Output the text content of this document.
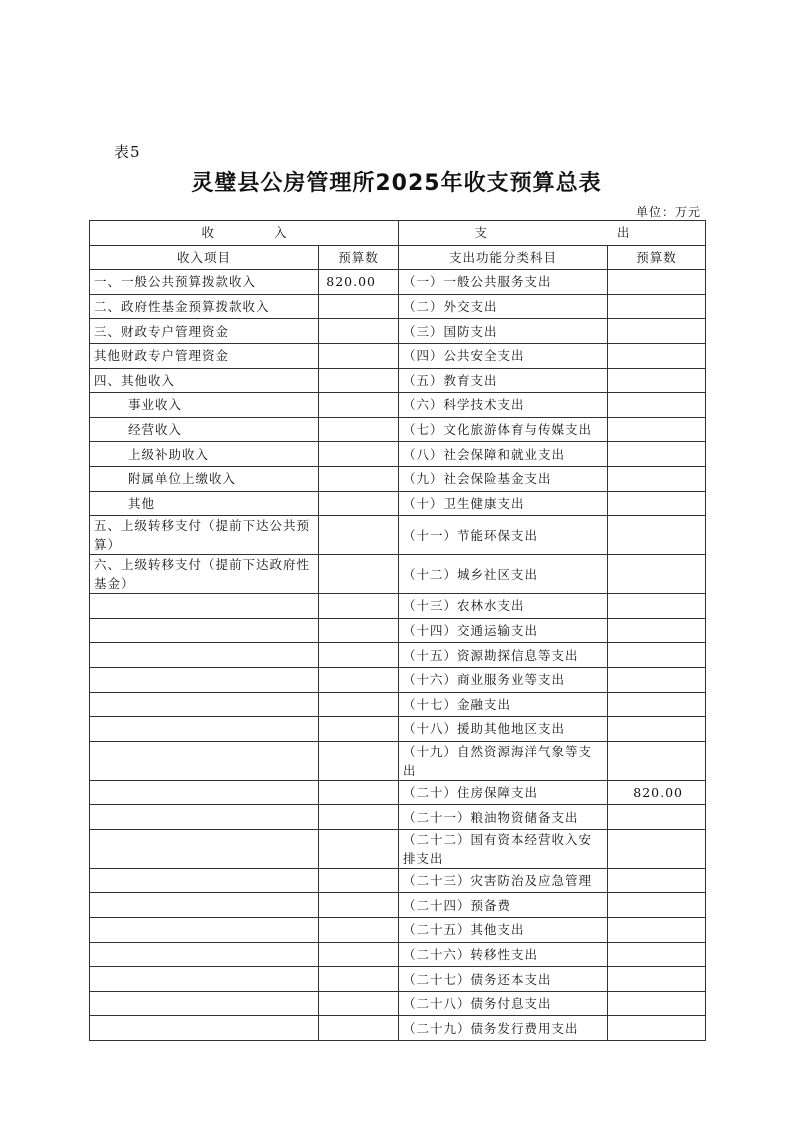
表5
灵璧县公房管理所2025年收支预算总表
单位：万元
收 入		支 出	
收入项目	预算数	支出功能分类科目	预算数
一、一般公共预算拨款收入	820.00	（一）一般公共服务支出	
二、政府性基金预算拨款收入		（二）外交支出	
三、财政专户管理资金		（三）国防支出	
其他财政专户管理资金		（四）公共安全支出	
四、其他收入		（五）教育支出	
事业收入		（六）科学技术支出	
经营收入		（七）文化旅游体育与传媒支出	
上级补助收入		（八）社会保障和就业支出	
附属单位上缴收入		（九）社会保险基金支出	
其他		（十）卫生健康支出	
五、上级转移支付（提前下达公共预算）		（十一）节能环保支出	
六、上级转移支付（提前下达政府性基金）		（十二）城乡社区支出	
		（十三）农林水支出	
		（十四）交通运输支出	
		（十五）资源勘探信息等支出	
		（十六）商业服务业等支出	
		（十七）金融支出	
		（十八）援助其他地区支出	
		（十九）自然资源海洋气象等支出	
		（二十）住房保障支出	820.00
		（二十一）粮油物资储备支出	
		（二十二）国有资本经营收入安排支出	
		（二十三）灾害防治及应急管理	
		（二十四）预备费	
		（二十五）其他支出	
		（二十六）转移性支出	
		（二十七）债务还本支出	
		（二十八）债务付息支出	
		（二十九）债务发行费用支出	
